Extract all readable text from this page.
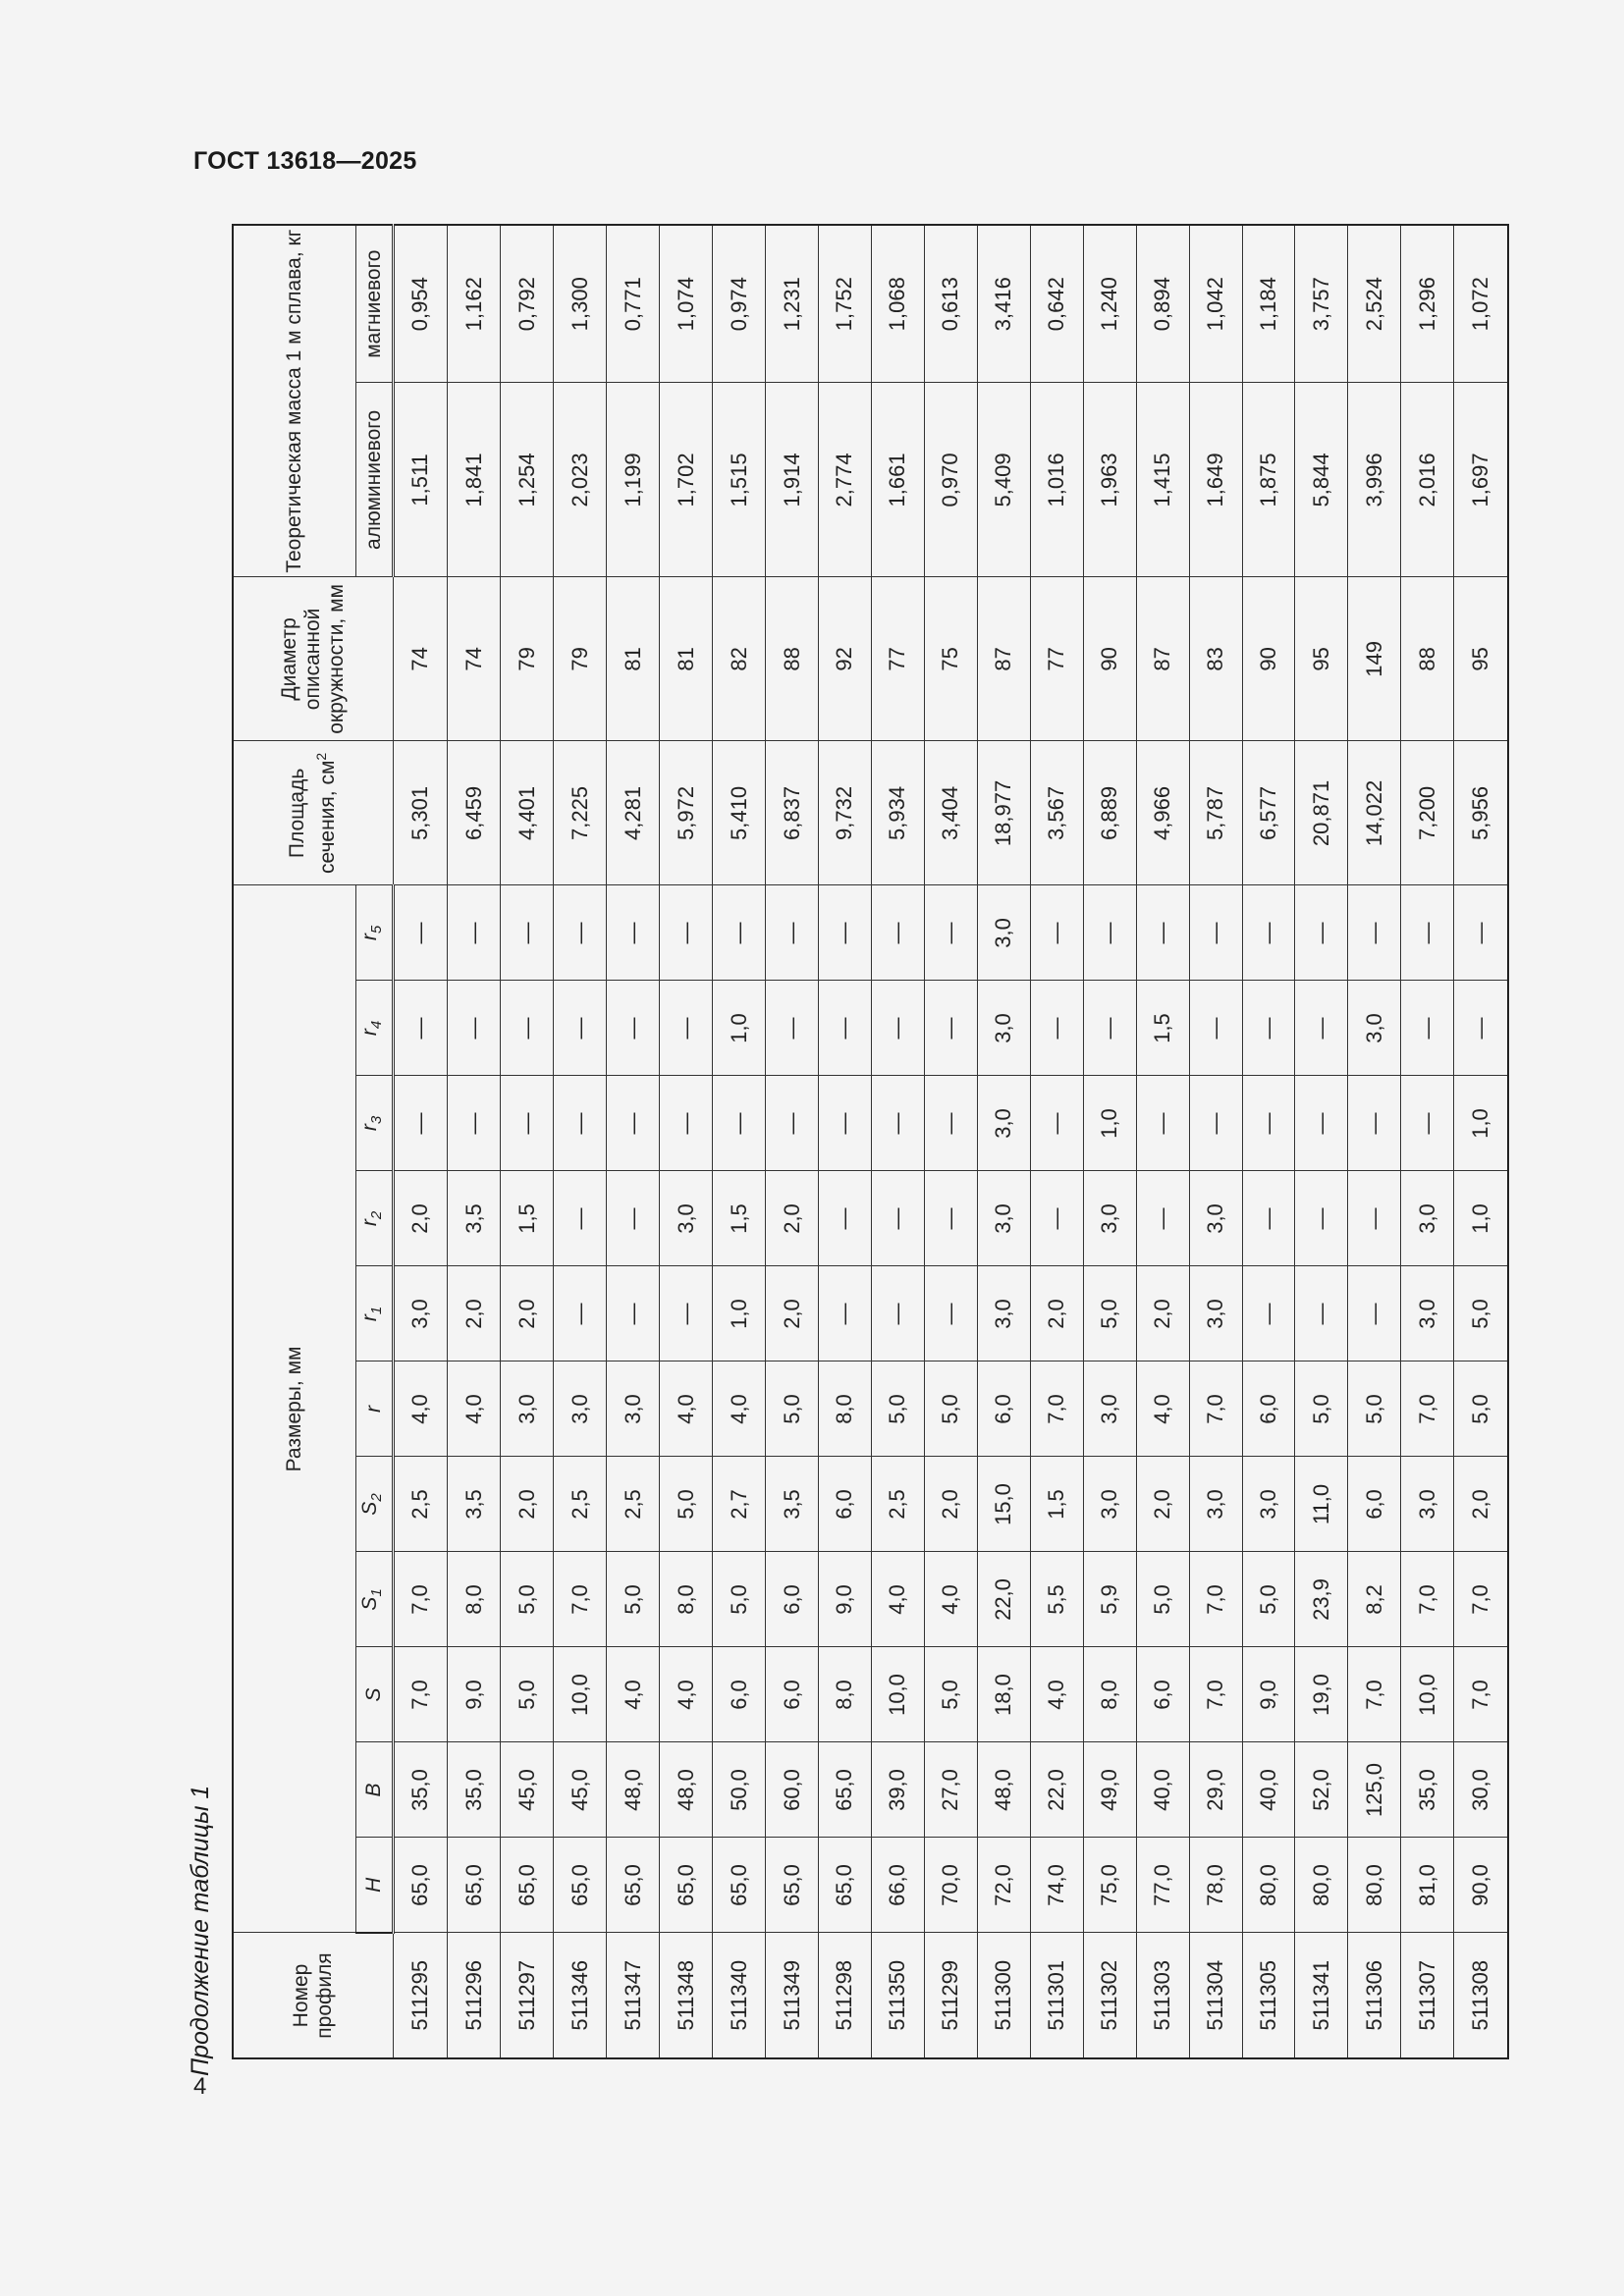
ГОСТ 13618—2025
4
Продолжение таблицы 1	Номер профиля	Размеры, мм											Площадь сечения, $см^2$	Диаметр описанной окружности, мм	Теоретическая масса 1 м сплава, кг	
	H	B	S	$S_1$	$S_2$	r	$r_1$	$r_2$	$r_3$	$r_4$	$r_5$			алюминиевого	магниевого
511295	65,0	35,0	7,0	7,0	2,5	4,0	3,0	2,0	—	—	—	5,301	74	1,511	0,954
511296	65,0	35,0	9,0	8,0	3,5	4,0	2,0	3,5	—	—	—	6,459	74	1,841	1,162
511297	65,0	45,0	5,0	5,0	2,0	3,0	2,0	1,5	—	—	—	4,401	79	1,254	0,792
511346	65,0	45,0	10,0	7,0	2,5	3,0	—	—	—	—	—	7,225	79	2,023	1,300
511347	65,0	48,0	4,0	5,0	2,5	3,0	—	—	—	—	—	4,281	81	1,199	0,771
511348	65,0	48,0	4,0	8,0	5,0	4,0	—	3,0	—	—	—	5,972	81	1,702	1,074
511340	65,0	50,0	6,0	5,0	2,7	4,0	1,0	1,5	—	1,0	—	5,410	82	1,515	0,974
511349	65,0	60,0	6,0	6,0	3,5	5,0	2,0	2,0	—	—	—	6,837	88	1,914	1,231
511298	65,0	65,0	8,0	9,0	6,0	8,0	—	—	—	—	—	9,732	92	2,774	1,752
511350	66,0	39,0	10,0	4,0	2,5	5,0	—	—	—	—	—	5,934	77	1,661	1,068
511299	70,0	27,0	5,0	4,0	2,0	5,0	—	—	—	—	—	3,404	75	0,970	0,613
511300	72,0	48,0	18,0	22,0	15,0	6,0	3,0	3,0	3,0	3,0	3,0	18,977	87	5,409	3,416
511301	74,0	22,0	4,0	5,5	1,5	7,0	2,0	—	—	—	—	3,567	77	1,016	0,642
511302	75,0	49,0	8,0	5,9	3,0	3,0	5,0	3,0	1,0	—	—	6,889	90	1,963	1,240
511303	77,0	40,0	6,0	5,0	2,0	4,0	2,0	—	—	1,5	—	4,966	87	1,415	0,894
511304	78,0	29,0	7,0	7,0	3,0	7,0	3,0	3,0	—	—	—	5,787	83	1,649	1,042
511305	80,0	40,0	9,0	5,0	3,0	6,0	—	—	—	—	—	6,577	90	1,875	1,184
511341	80,0	52,0	19,0	23,9	11,0	5,0	—	—	—	—	—	20,871	95	5,844	3,757
511306	80,0	125,0	7,0	8,2	6,0	5,0	—	—	—	3,0	—	14,022	149	3,996	2,524
511307	81,0	35,0	10,0	7,0	3,0	7,0	3,0	3,0	—	—	—	7,200	88	2,016	1,296
511308	90,0	30,0	7,0	7,0	2,0	5,0	5,0	1,0	1,0	—	—	5,956	95	1,697	1,072
